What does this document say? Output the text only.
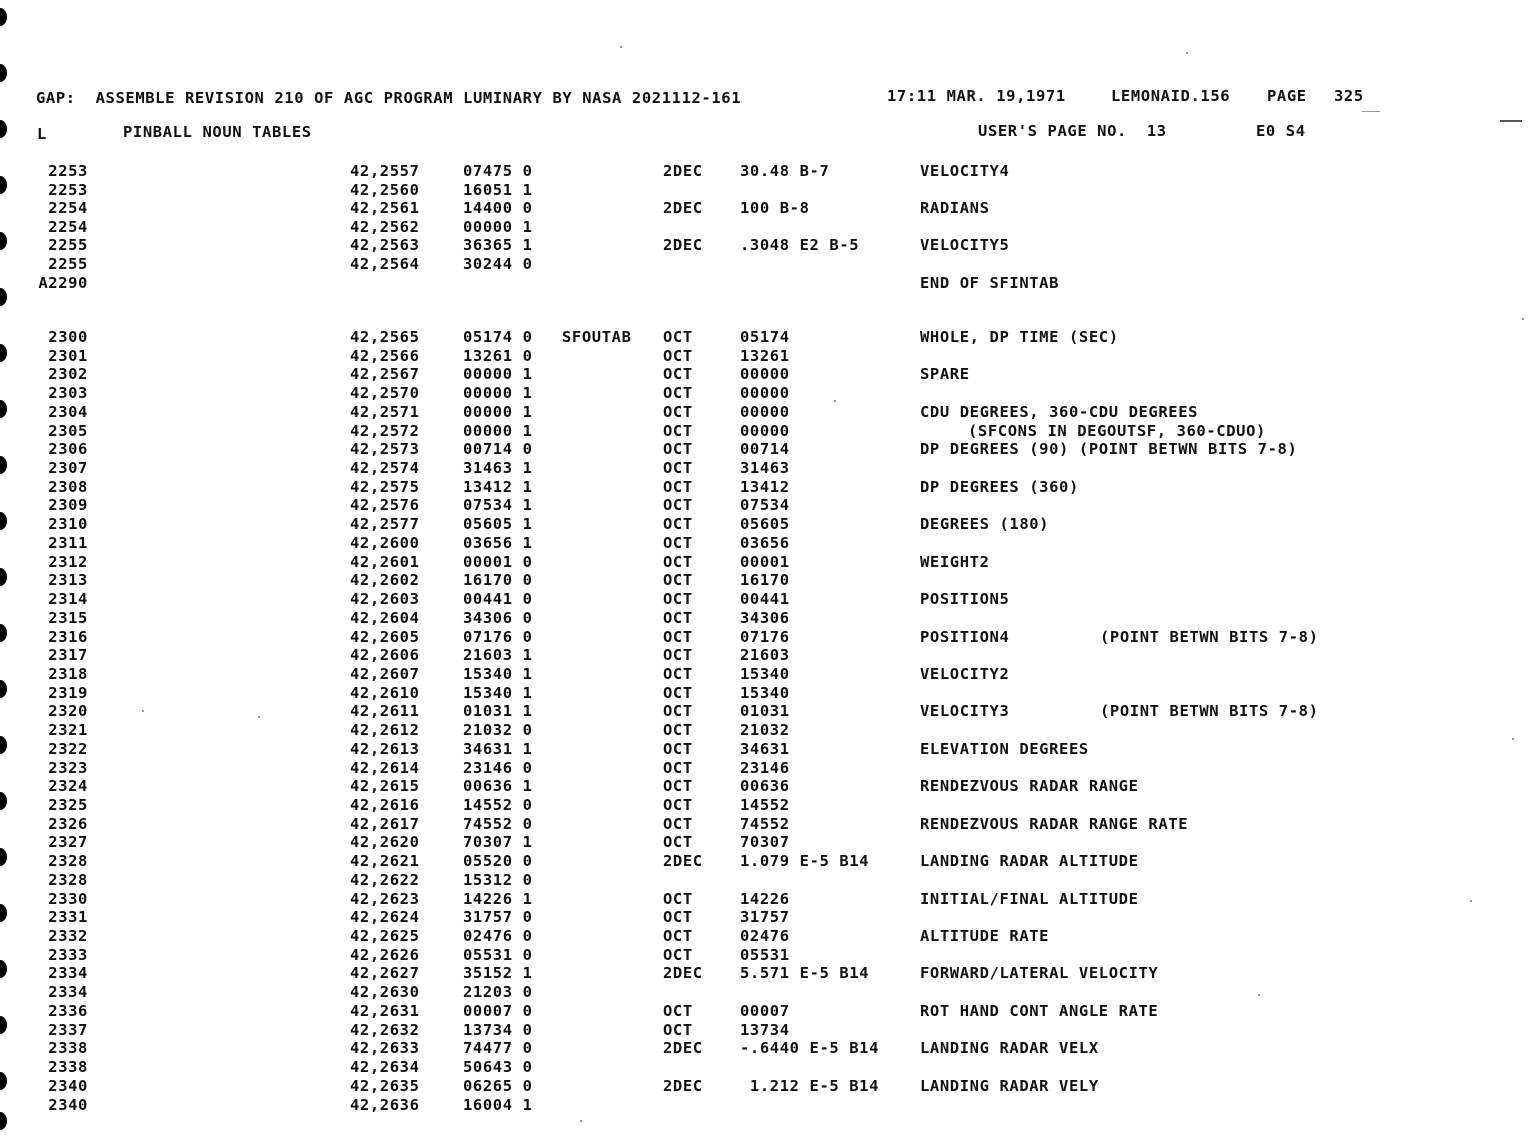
GAP:  ASSEMBLE REVISION 210 OF AGC PROGRAM LUMINARY BY NASA 2021112-161	17:11 MAR. 19,1971	LEMONAID.156 PAGE 325
L	PINBALL NOUN TABLES	USER'S PAGE NO.  13	E0 S4
2253	42,2557	07475 0	2DEC 30.48 B-7	VELOCITY4
2253	42,2560	16051 1
2254	42,2561	14400 0	2DEC 100 B-8	RADIANS
2254	42,2562	00000 1
2255	42,2563	36365 1	2DEC .3048 E2 B-5	VELOCITY5
2255	42,2564	30244 0
A2290	END OF SFINTAB
2300	42,2565	05174 0 SFOUTAB OCT	05174	WHOLE, DP TIME (SEC)
2301	42,2566	13261 0	OCT	13261
2302	42,2567	00000 1	OCT	00000	SPARE
2303	42,2570	00000 1	OCT	00000
2304	42,2571	00000 1	OCT	00000	CDU DEGREES, 360-CDU DEGREES
2305	42,2572	00000 1	OCT	00000	(SFCONS IN DEGOUTSF, 360-CDUO)
2306	42,2573	00714 0	OCT	00714	DP DEGREES (90) (POINT BETWN BITS 7-8)
2307	42,2574	31463 1	OCT	31463
2308	42,2575	13412 1	OCT	13412	DP DEGREES (360)
2309	42,2576	07534 1	OCT	07534
2310	42,2577	05605 1	OCT	05605	DEGREES (180)
2311	42,2600	03656 1	OCT	03656
2312	42,2601	00001 0	OCT	00001	WEIGHT2
2313	42,2602	16170 0	OCT	16170
2314	42,2603	00441 0	OCT	00441	POSITION5
2315	42,2604	34306 0	OCT	34306
2316	42,2605	07176 0	OCT	07176	POSITION4	(POINT BETWN BITS 7-8)
2317	42,2606	21603 1	OCT	21603
2318	42,2607	15340 1	OCT	15340	VELOCITY2
2319	42,2610	15340 1	OCT	15340
2320	42,2611	01031 1	OCT	01031	VELOCITY3	(POINT BETWN BITS 7-8)
2321	42,2612	21032 0	OCT	21032
2322	42,2613	34631 1	OCT	34631	ELEVATION DEGREES
2323	42,2614	23146 0	OCT	23146
2324	42,2615	00636 1	OCT	00636	RENDEZVOUS RADAR RANGE
2325	42,2616	14552 0	OCT	14552
2326	42,2617	74552 0	OCT	74552	RENDEZVOUS RADAR RANGE RATE
2327	42,2620	70307 1	OCT	70307
2328	42,2621	05520 0	2DEC 1.079 E-5 B14	LANDING RADAR ALTITUDE
2328	42,2622	15312 0
2330	42,2623	14226 1	OCT	14226	INITIAL/FINAL ALTITUDE
2331	42,2624	31757 0	OCT	31757
2332	42,2625	02476 0	OCT	02476	ALTITUDE RATE
2333	42,2626	05531 0	OCT	05531
2334	42,2627	35152 1	2DEC 5.571 E-5 B14	FORWARD/LATERAL VELOCITY
2334	42,2630	21203 0
2336	42,2631	00007 0	OCT	00007	ROT HAND CONT ANGLE RATE
2337	42,2632	13734 0	OCT	13734
2338	42,2633	74477 0	2DEC -.6440 E-5 B14	LANDING RADAR VELX
2338	42,2634	50643 0
2340	42,2635	06265 0	2DEC 1.212 E-5 B14	LANDING RADAR VELY
2340	42,2636	16004 1
